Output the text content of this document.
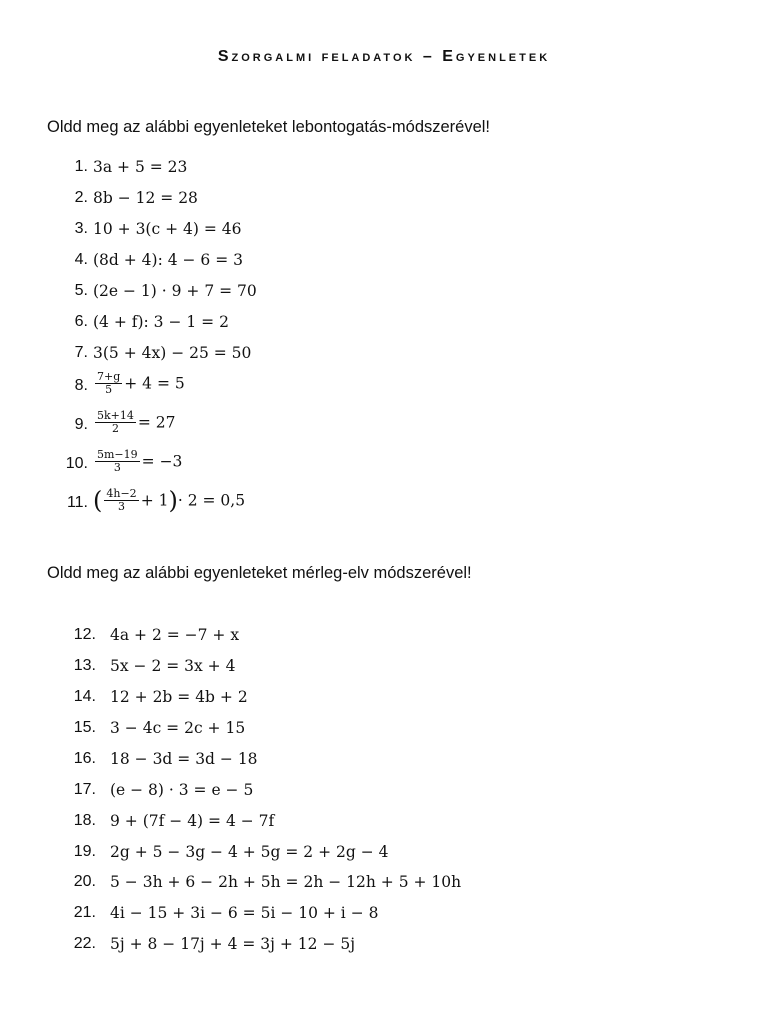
Szorgalmi feladatok – Egyenletek
Oldd meg az alábbi egyenleteket lebontogatás-módszerével!
1. 3a + 5 = 23
2. 8b − 12 = 28
3. 10 + 3(c + 4) = 46
4. (8d + 4): 4 − 6 = 3
5. (2e − 1) · 9 + 7 = 70
6. (4 + f): 3 − 1 = 2
7. 3(5 + 4x) − 25 = 50
8. $\frac{7+g}{5} + 4 = 5$
9. $\frac{5k+14}{2} = 27$
10. $\frac{5m-19}{3} = -3$
11. ( $\frac{4h-2}{3} + 1)\cdot 2 = 0,5$
Oldd meg az alábbi egyenleteket mérleg-elv módszerével!
12. 4a + 2 = −7 + x
13. 5x − 2 = 3x + 4
14. 12 + 2b = 4b + 2
15. 3 − 4c = 2c + 15
16. 18 − 3d = 3d − 18
17. (e − 8) · 3 = e − 5
18. 9 + (7f − 4) = 4 − 7f
19. 2g + 5 − 3g − 4 + 5g = 2 + 2g − 4
20. 5 − 3h + 6 − 2h + 5h = 2h − 12h + 5 + 10h
21. 4i − 15 + 3i − 6 = 5i − 10 + i − 8
22. 5j + 8 − 17j + 4 = 3j + 12 − 5j
